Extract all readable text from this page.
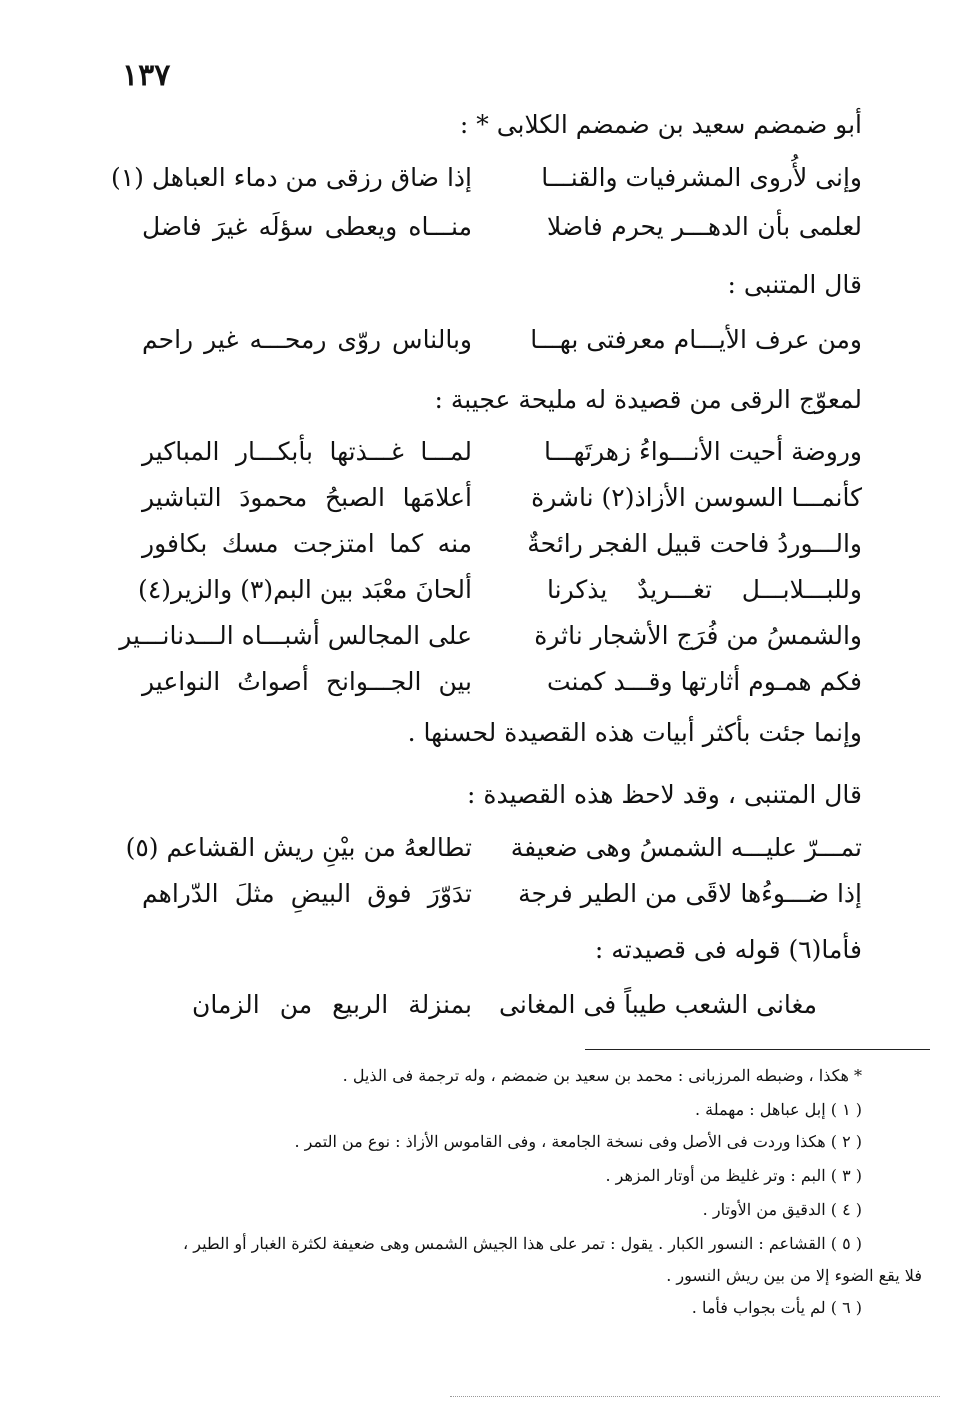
١٣٧
أبو ضمضم سعيد بن ضمضم الكلابى * :
وإنى لأُروى المشرفيات والقنـــا
إذا ضاق رزقى من دماء العباهل (١)
لعلمى بأن الدهـــر يحرم فاضلا
منـــاه ويعطى سؤلَه غيرَ فاضل
قال المتنبى :
ومن عرف الأيـــام معرفتى بهـــا
وبالناس روّى رمحـــه غير راحم
لمعوّج الرقى من قصيدة له مليحة عجيبة :
وروضة أحيت الأنـــواءُ زهرتَهـــا
لمـــا غـــذتها بأبكـــار المباكير
كأنمـــا السوسن الأزاذ(٢) ناشرة
أعلامَها الصبحُ محمودَ التباشير
والـــوردُ فاحت قبيل الفجر رائحةٌ
منه كما امتزجت مسك بكافور
وللبـــلابـــل تغـــريدٌ يذكرنا
ألحانَ معْبَد بين البم(٣) والزير(٤)
والشمسُ من فُرَج الأشجار ناثرة
على المجالس أشبـــاه الـــدنانـــير
فكم همـوم أثارتها وقـــد كمنت
بين الجـــوانح أصواتُ النواعير
وإنما جئت بأكثر أبيات هذه القصيدة لحسنها .
قال المتنبى ، وقد لاحظ هذه القصيدة :
تمـــرّ عليـــه الشمسُ وهى ضعيفة
تطالعهُ من بيْنِ ريش القشاعم (٥)
إذا ضـــوءُها لاقَى من الطير فرجة
تدَوّرَ فوق البيضِ مثلَ الدّراهم
فأما(٦) قوله فى قصيدته :
مغانى الشعب طيباً فى المغانى
بمنزلة الربيع من الزمان
* هكذا ، وضبطه المرزبانى : محمد بن سعيد بن ضمضم ، وله ترجمة فى الذيل .
( ١ ) إبل عباهل : مهملة .
( ٢ ) هكذا وردت فى الأصل وفى نسخة الجامعة ، وفى القاموس الأزاذ : نوع من التمر .
( ٣ ) البم : وتر غليظ من أوتار المزهر .
( ٤ ) الدقيق من الأوتار .
( ٥ ) القشاعم : النسور الكبار . يقول : تمر على هذا الجيش الشمس وهى ضعيفة لكثرة الغبار أو الطير ،
فلا يقع الضوء إلا من بين ريش النسور .
( ٦ ) لم يأت بجواب فأما .
